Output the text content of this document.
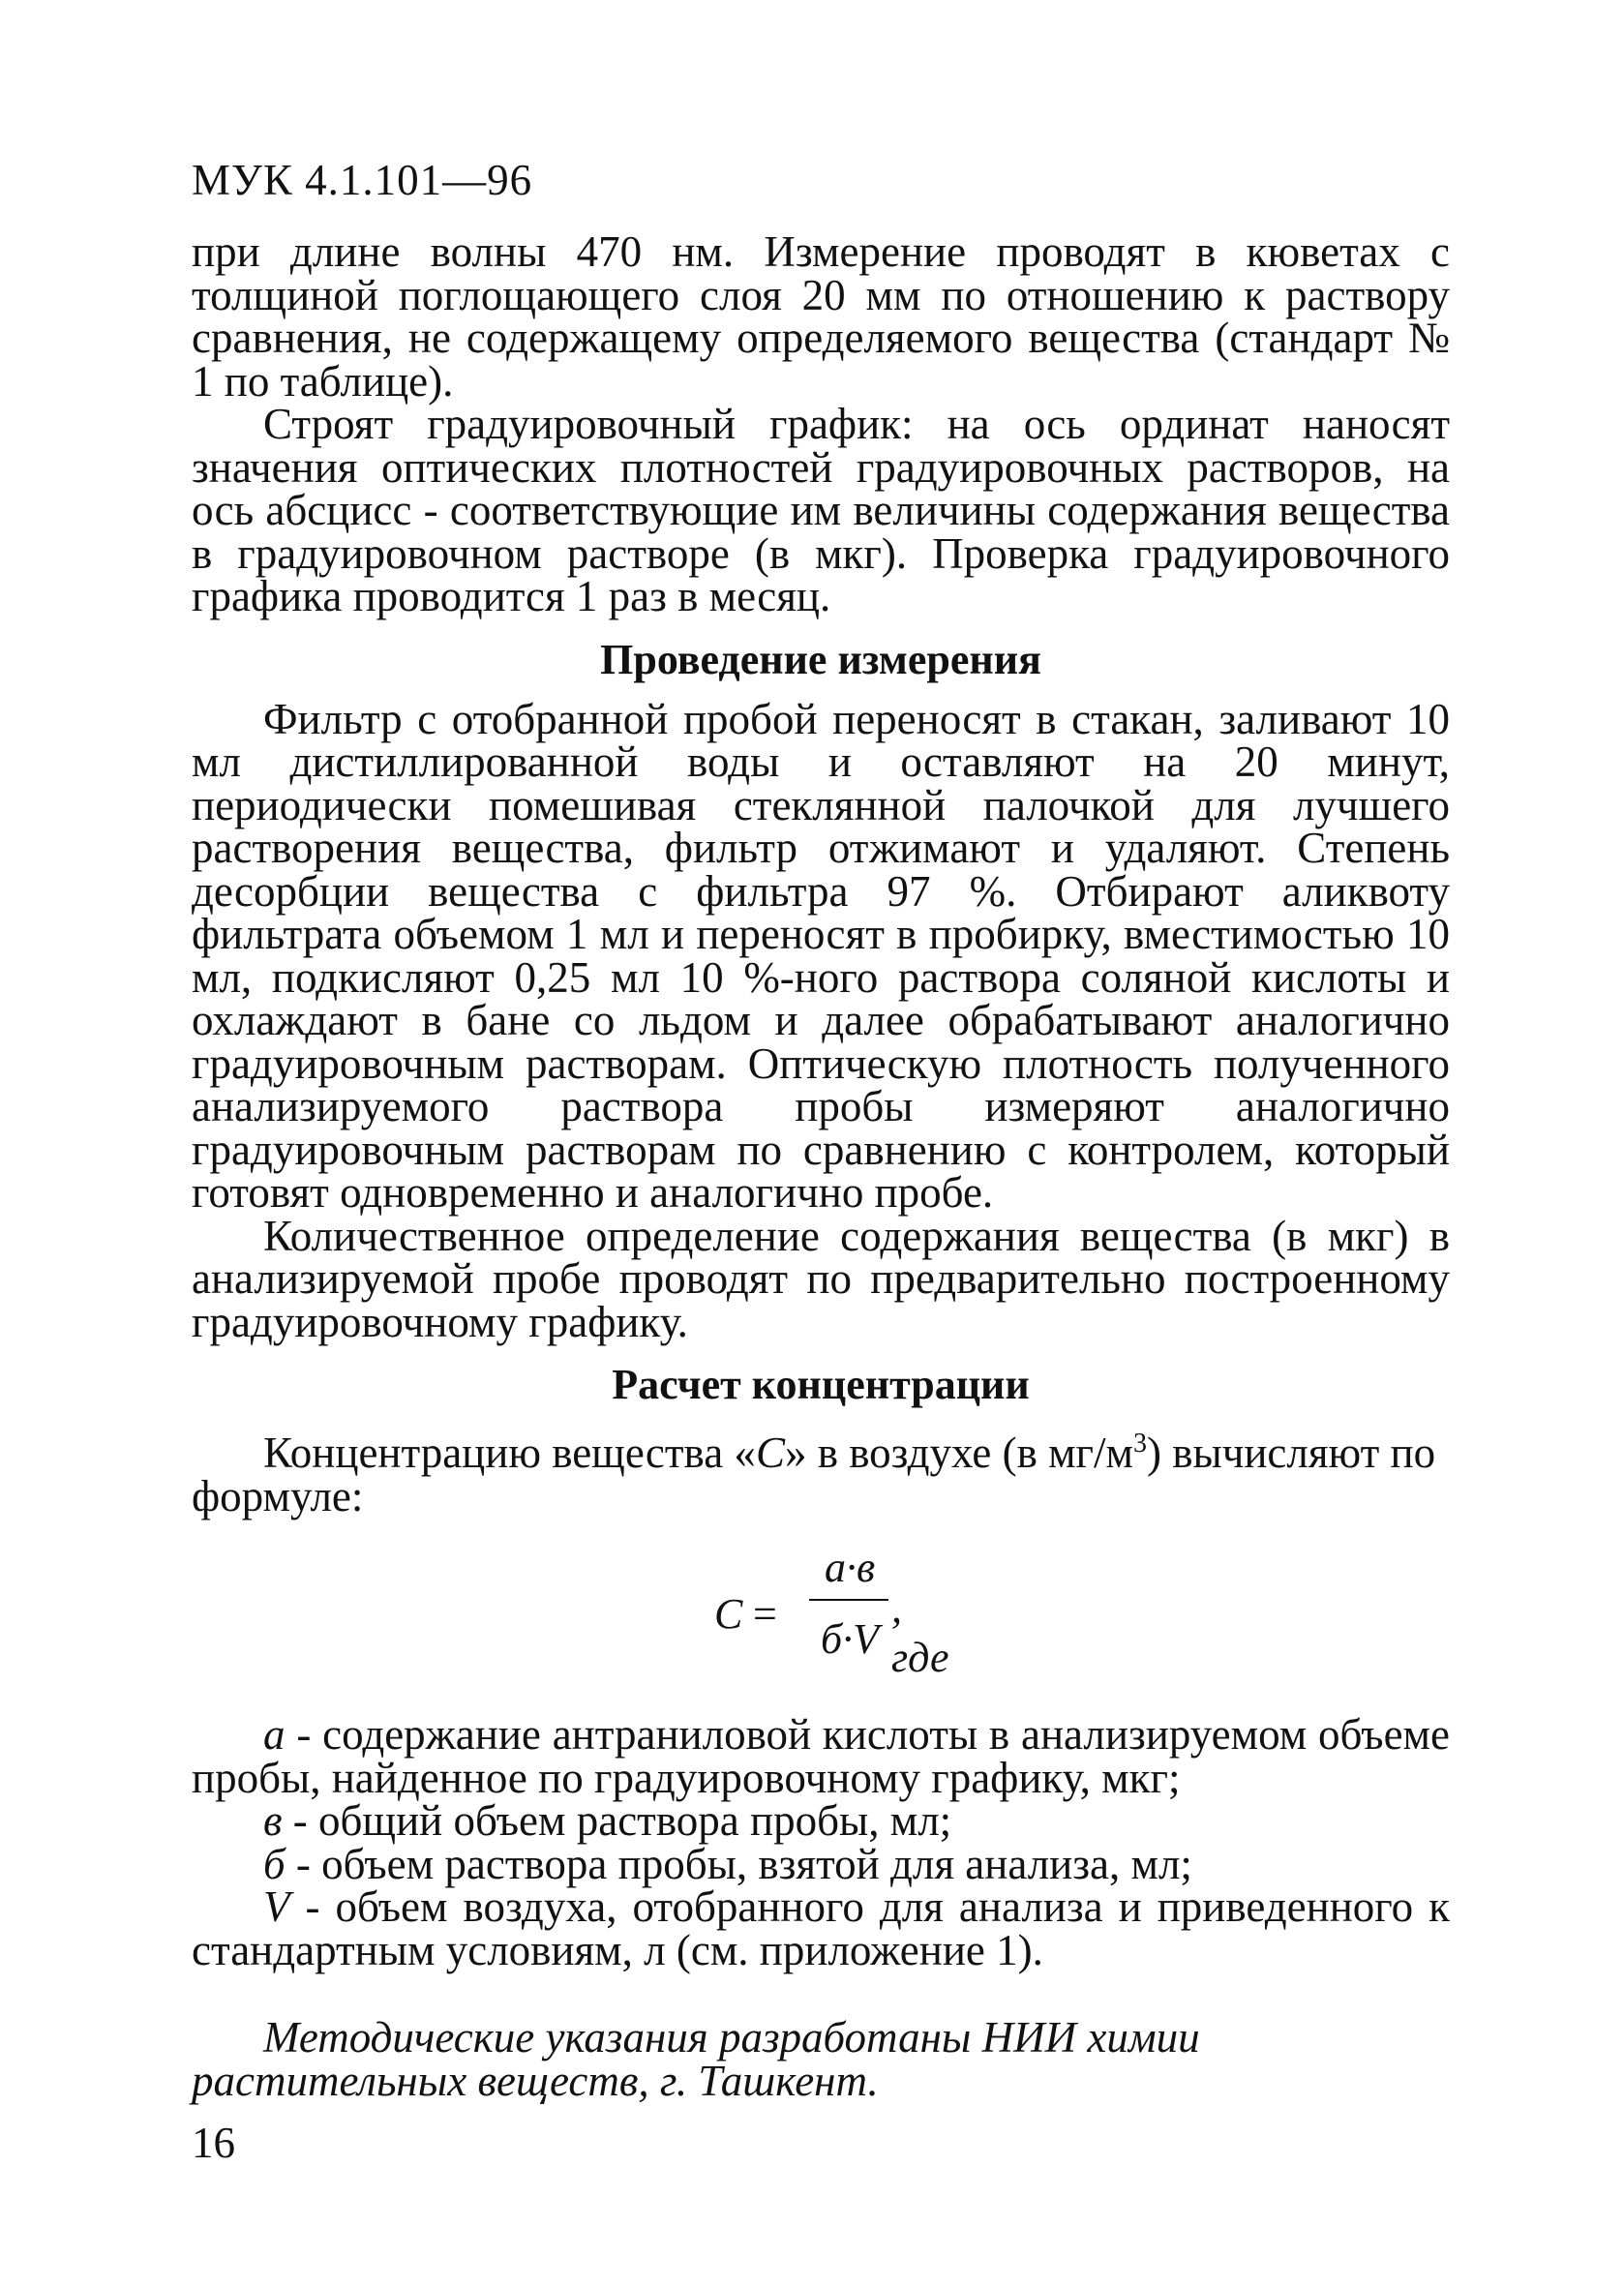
МУК 4.1.101—96

при длине волны 470 нм. Измерение проводят в кюветах с толщиной поглощающего слоя 20 мм по отношению к раствору сравнения, не содержащему определяемого вещества (стандарт № 1 по таблице).

Строят градуировочный график: на ось ординат наносят значения оптических плотностей градуировочных растворов, на ось абсцисс - соответствующие им величины содержания вещества в градуировочном растворе (в мкг). Проверка градуировочного графика проводится 1 раз в месяц.

Проведение измерения

Фильтр с отобранной пробой переносят в стакан, заливают 10 мл дистиллированной воды и оставляют на 20 минут, периодически помешивая стеклянной палочкой для лучшего растворения вещества, фильтр отжимают и удаляют. Степень десорбции вещества с фильтра 97 %. Отбирают аликвоту фильтрата объемом 1 мл и переносят в пробирку, вместимостью 10 мл, подкисляют 0,25 мл 10 %-ного раствора соляной кислоты и охлаждают в бане со льдом и далее обрабатывают аналогично градуировочным растворам. Оптическую плотность полученного анализируемого раствора пробы измеряют аналогично градуировочным растворам по сравнению с контролем, который готовят одновременно и аналогично пробе.

Количественное определение содержания вещества (в мкг) в анализируемой пробе проводят по предварительно построенному градуировочному графику.

Расчет концентрации

Концентрацию вещества «С» в воздухе (в $мг/м^3$) вычисляют по формуле:

С =
а·в
б·V
, где

а - содержание антраниловой кислоты в анализируемом объеме пробы, найденное по градуировочному графику, мкг;

в - общий объем раствора пробы, мл;

б - объем раствора пробы, взятой для анализа, мл;

V - объем воздуха, отобранного для анализа и приведенного к стандартным условиям, л (см. приложение 1).

Методические указания разработаны НИИ химии растительных веществ, г. Ташкент.

16
